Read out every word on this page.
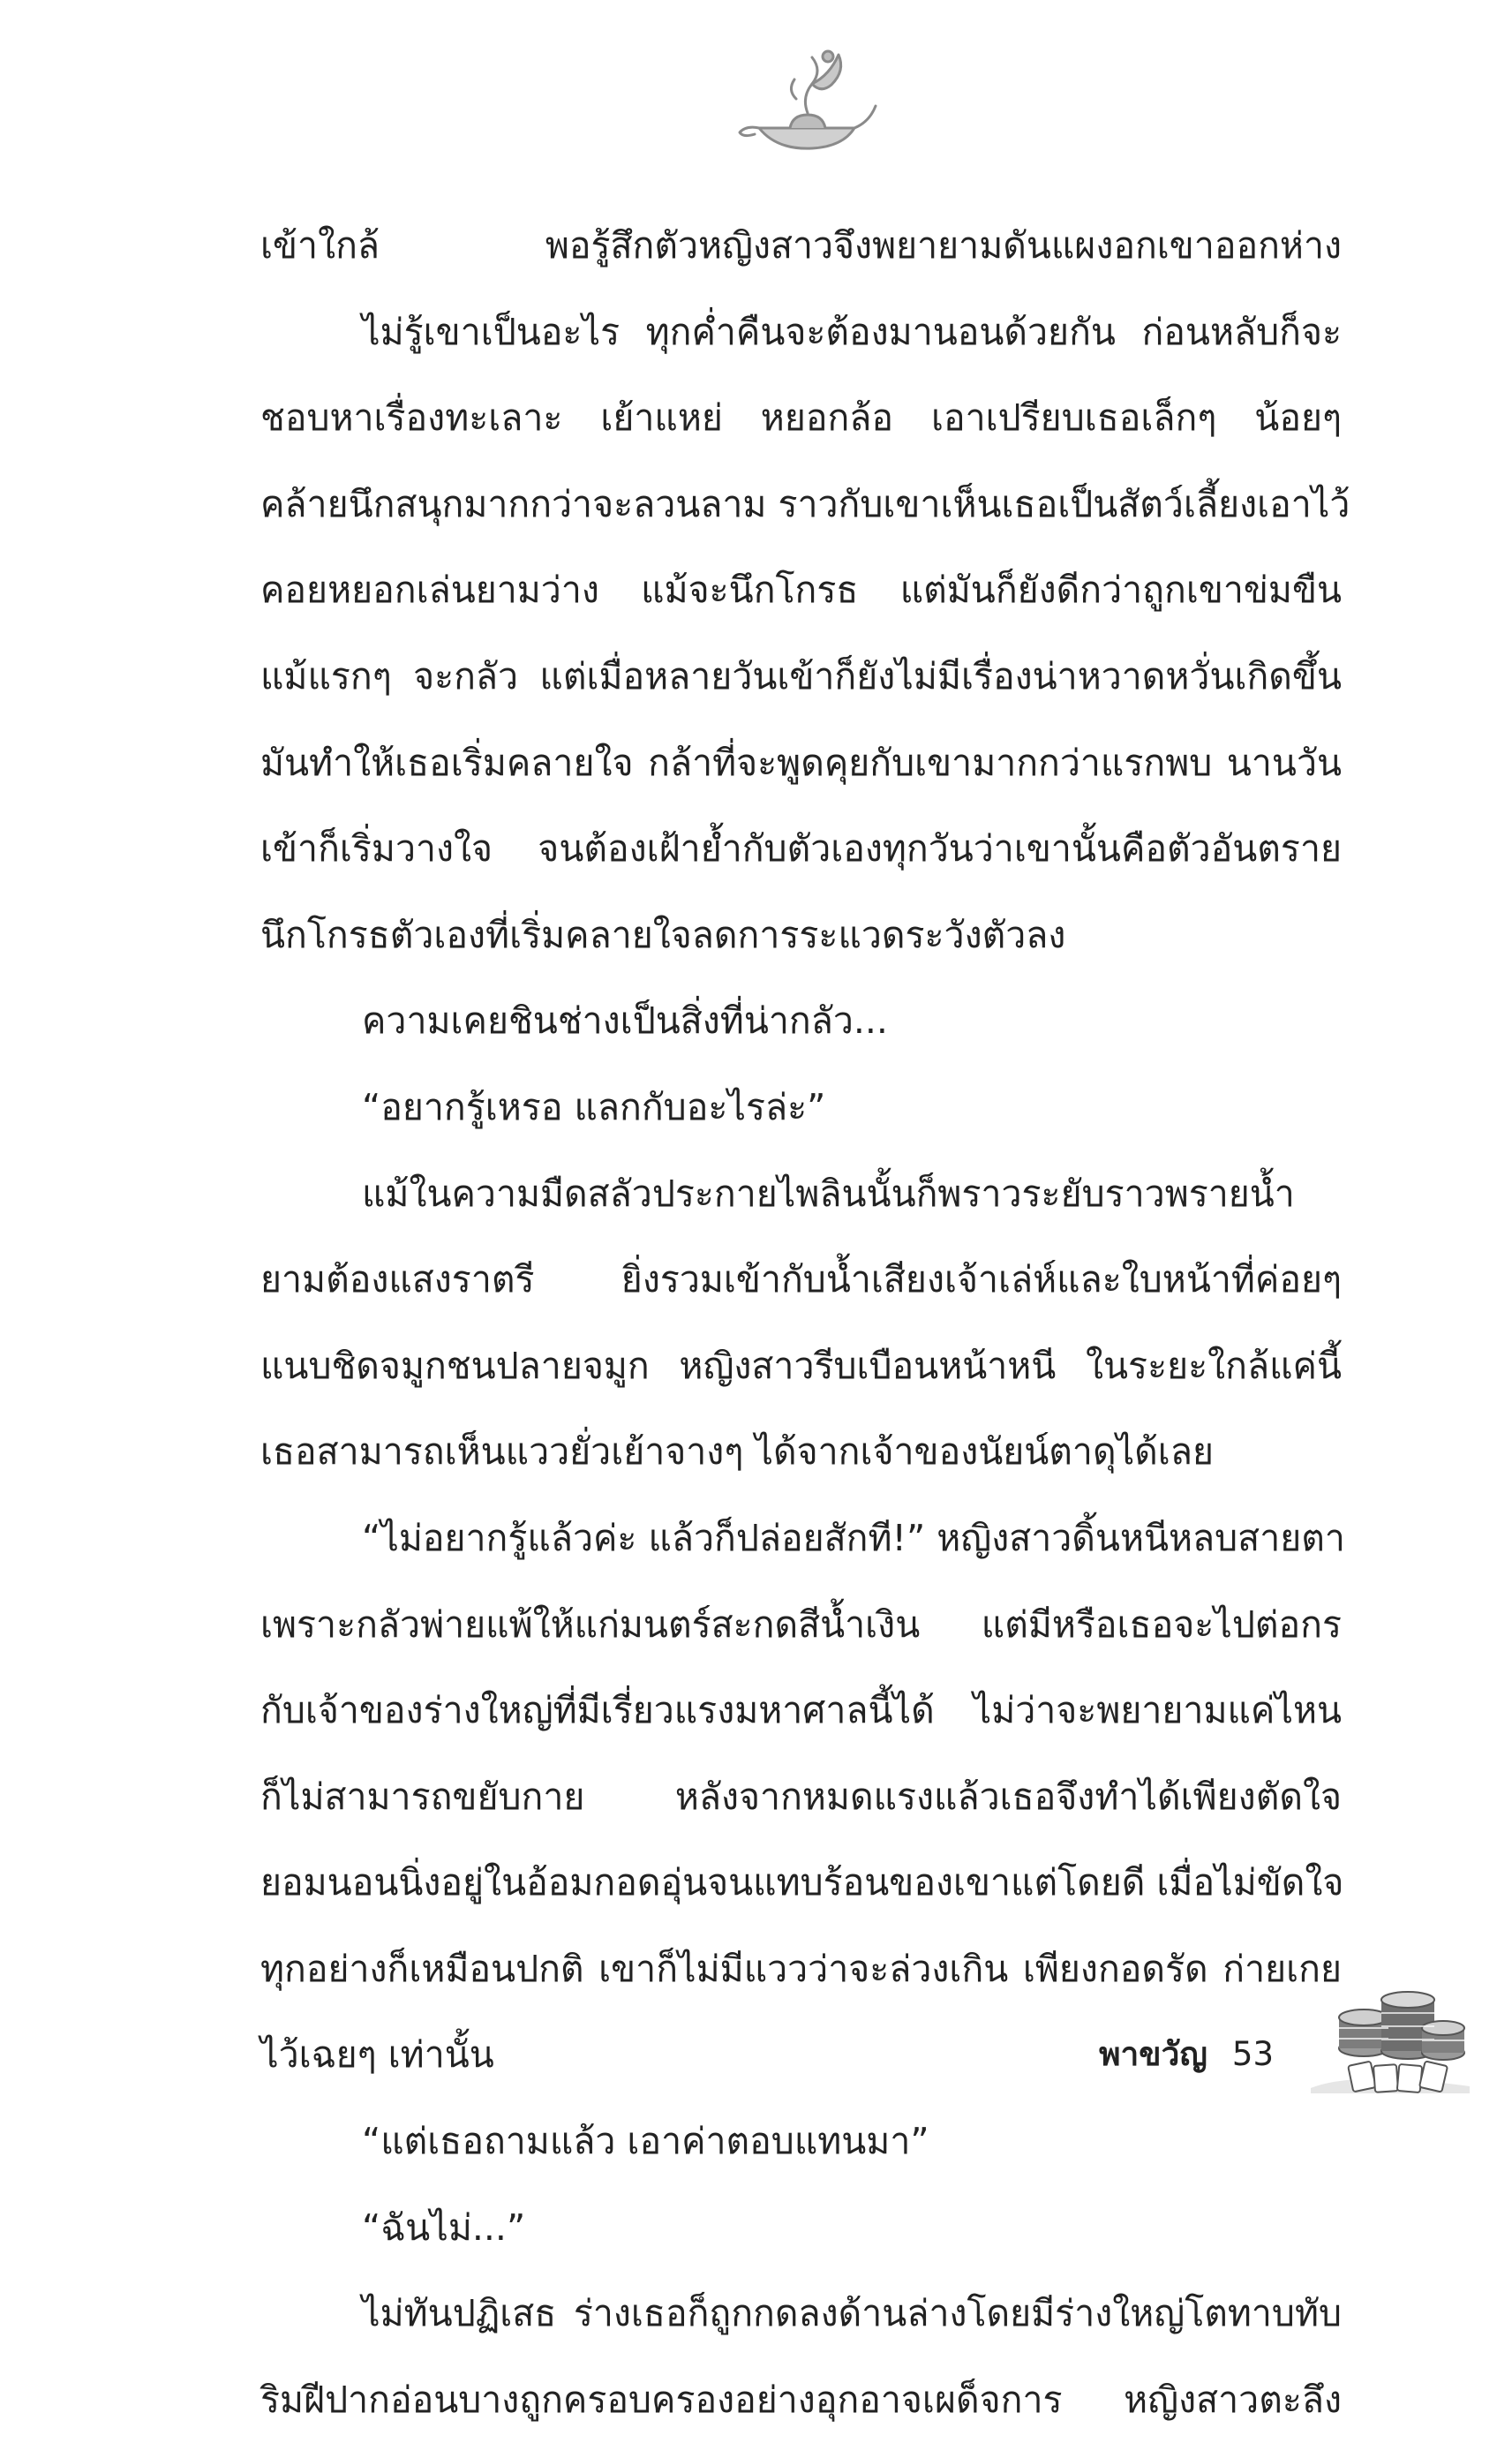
เข้าใกล้ พอรู้สึกตัวหญิงสาวจึงพยายามดันแผงอกเขาออกห่าง
ไม่รู้เขาเป็นอะไร ทุกค่ำคืนจะต้องมานอนด้วยกัน ก่อนหลับก็จะ
ชอบหาเรื่องทะเลาะ เย้าแหย่ หยอกล้อ เอาเปรียบเธอเล็กๆ น้อยๆ
คล้ายนึกสนุกมากกว่าจะลวนลาม ราวกับเขาเห็นเธอเป็นสัตว์เลี้ยงเอาไว้
คอยหยอกเล่นยามว่าง แม้จะนึกโกรธ แต่มันก็ยังดีกว่าถูกเขาข่มขืน
แม้แรกๆ จะกลัว แต่เมื่อหลายวันเข้าก็ยังไม่มีเรื่องน่าหวาดหวั่นเกิดขึ้น
มันทำให้เธอเริ่มคลายใจ กล้าที่จะพูดคุยกับเขามากกว่าแรกพบ นานวัน
เข้าก็เริ่มวางใจ จนต้องเฝ้าย้ำกับตัวเองทุกวันว่าเขานั้นคือตัวอันตราย
นึกโกรธตัวเองที่เริ่มคลายใจลดการระแวดระวังตัวลง
ความเคยชินช่างเป็นสิ่งที่น่ากลัว...
“อยากรู้เหรอ แลกกับอะไรล่ะ”
แม้ในความมืดสลัวประกายไพลินนั้นก็พราวระยับราวพรายน้ำ
ยามต้องแสงราตรี ยิ่งรวมเข้ากับน้ำเสียงเจ้าเล่ห์และใบหน้าที่ค่อยๆ
แนบชิดจมูกชนปลายจมูก หญิงสาวรีบเบือนหน้าหนี ในระยะใกล้แค่นี้
เธอสามารถเห็นแววยั่วเย้าจางๆ ได้จากเจ้าของนัยน์ตาดุได้เลย
“ไม่อยากรู้แล้วค่ะ แล้วก็ปล่อยสักที!” หญิงสาวดิ้นหนีหลบสายตา
เพราะกลัวพ่ายแพ้ให้แก่มนตร์สะกดสีน้ำเงิน แต่มีหรือเธอจะไปต่อกร
กับเจ้าของร่างใหญ่ที่มีเรี่ยวแรงมหาศาลนี้ได้ ไม่ว่าจะพยายามแค่ไหน
ก็ไม่สามารถขยับกาย หลังจากหมดแรงแล้วเธอจึงทำได้เพียงตัดใจ
ยอมนอนนิ่งอยู่ในอ้อมกอดอุ่นจนแทบร้อนของเขาแต่โดยดี เมื่อไม่ขัดใจ
ทุกอย่างก็เหมือนปกติ เขาก็ไม่มีแววว่าจะล่วงเกิน เพียงกอดรัด ก่ายเกย
ไว้เฉยๆ เท่านั้น
“แต่เธอถามแล้ว เอาค่าตอบแทนมา”
“ฉันไม่...”
ไม่ทันปฏิเสธ ร่างเธอก็ถูกกดลงด้านล่างโดยมีร่างใหญ่โตทาบทับ
ริมฝีปากอ่อนบางถูกครอบครองอย่างอุกอาจเผด็จการ หญิงสาวตะลึง
พาขวัญ 53
